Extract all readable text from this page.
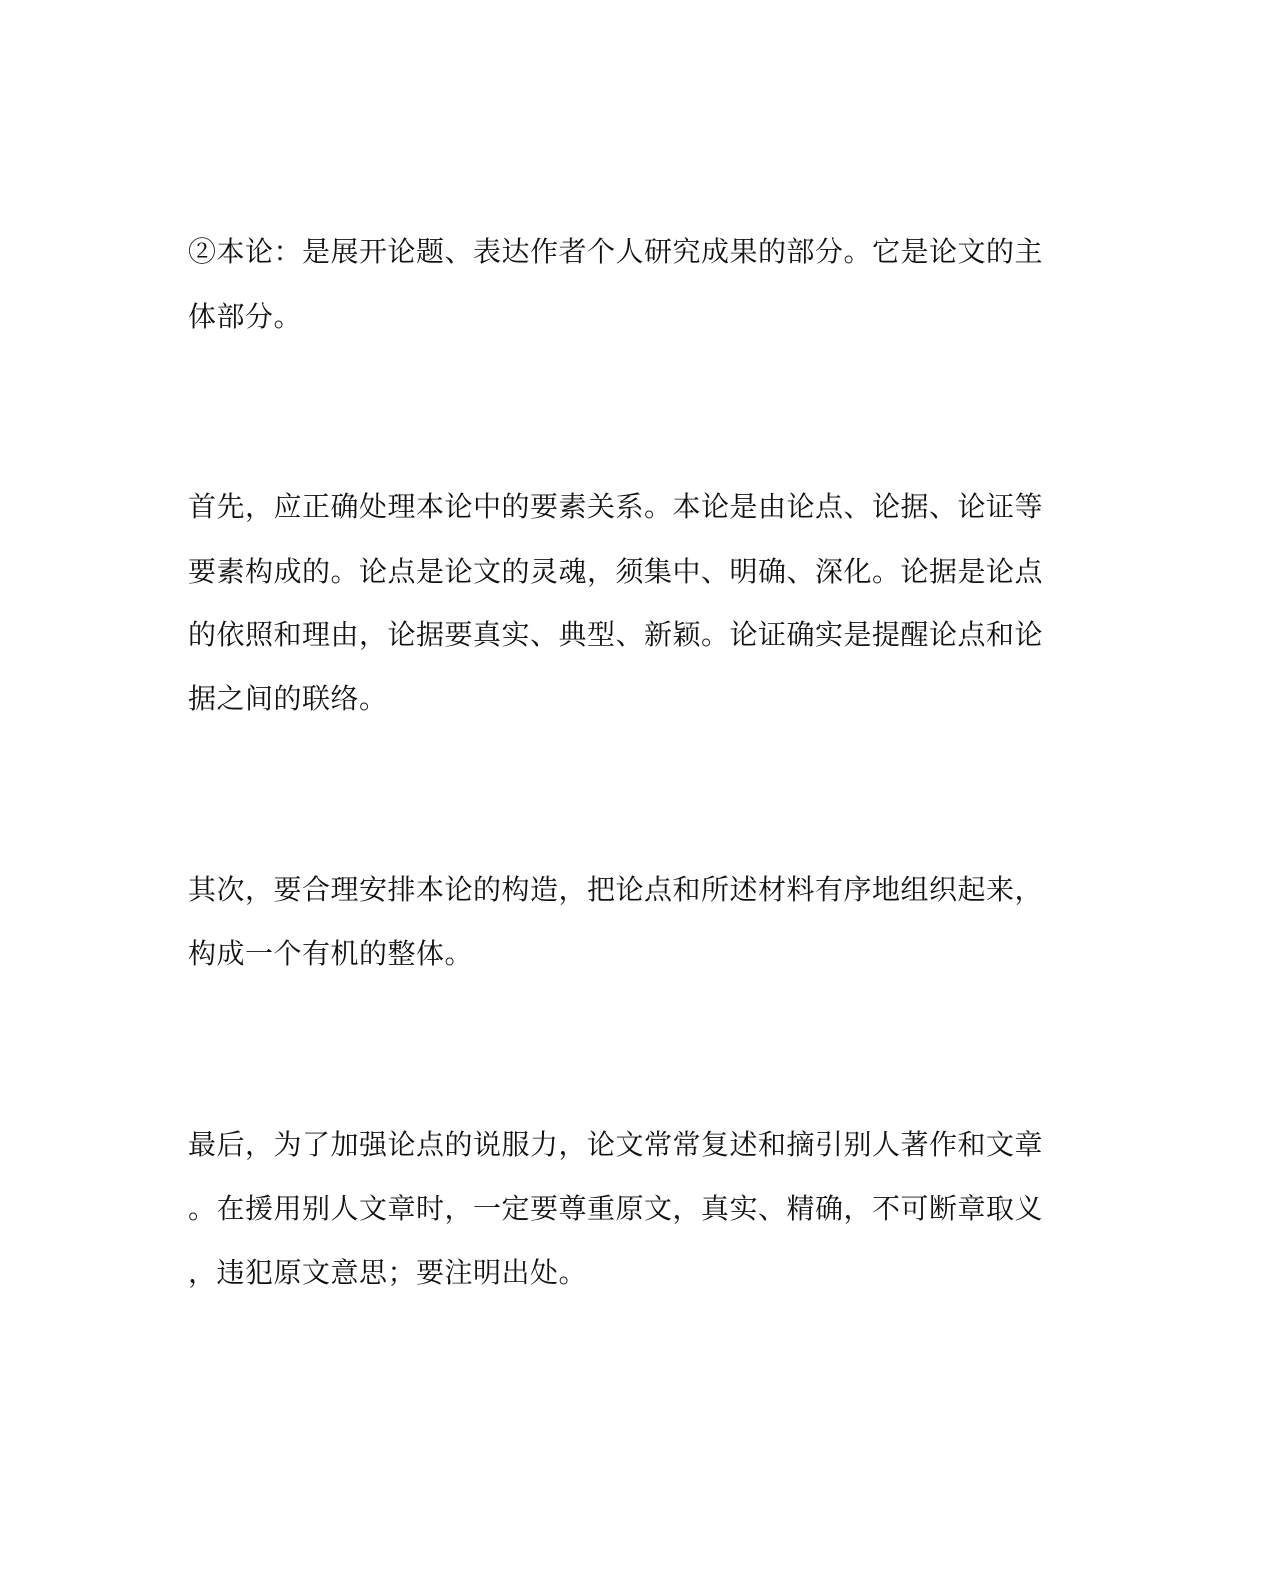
②本论：是展开论题、表达作者个人研究成果的部分。它是论文的主
体部分。
首先，应正确处理本论中的要素关系。本论是由论点、论据、论证等
要素构成的。论点是论文的灵魂，须集中、明确、深化。论据是论点
的依照和理由，论据要真实、典型、新颖。论证确实是提醒论点和论
据之间的联络。
其次，要合理安排本论的构造，把论点和所述材料有序地组织起来，
构成一个有机的整体。
最后，为了加强论点的说服力，论文常常复述和摘引别人著作和文章
。在援用别人文章时，一定要尊重原文，真实、精确，不可断章取义
，违犯原文意思；要注明出处。
